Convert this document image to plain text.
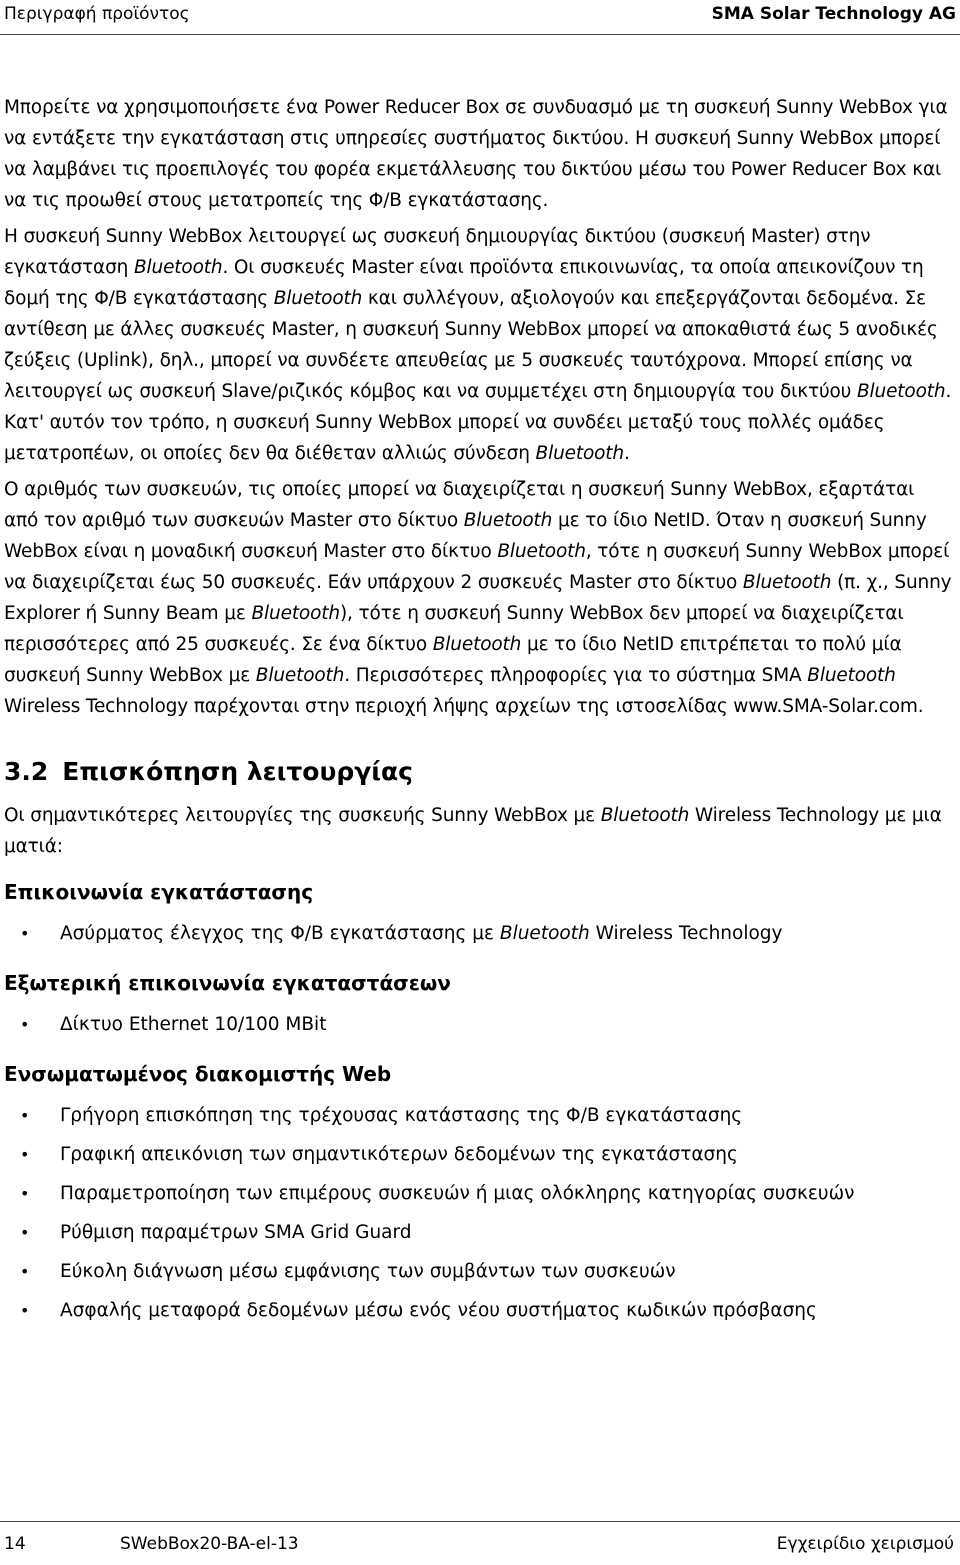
Περιγραφή προϊόντος	SMA Solar Technology AG

Μπορείτε να χρησιμοποιήσετε ένα Power Reducer Box σε συνδυασμό με τη συσκευή Sunny WebBox για να εντάξετε την εγκατάσταση στις υπηρεσίες συστήματος δικτύου. Η συσκευή Sunny WebBox μπορεί να λαμβάνει τις προεπιλογές του φορέα εκμετάλλευσης του δικτύου μέσω του Power Reducer Box και να τις προωθεί στους μετατροπείς της Φ/Β εγκατάστασης.

Η συσκευή Sunny WebBox λειτουργεί ως συσκευή δημιουργίας δικτύου (συσκευή Master) στην εγκατάσταση Bluetooth. Οι συσκευές Master είναι προϊόντα επικοινωνίας, τα οποία απεικονίζουν τη δομή της Φ/Β εγκατάστασης Bluetooth και συλλέγουν, αξιολογούν και επεξεργάζονται δεδομένα. Σε αντίθεση με άλλες συσκευές Master, η συσκευή Sunny WebBox μπορεί να αποκαθιστά έως 5 ανοδικές ζεύξεις (Uplink), δηλ., μπορεί να συνδέετε απευθείας με 5 συσκευές ταυτόχρονα. Μπορεί επίσης να λειτουργεί ως συσκευή Slave/ριζικός κόμβος και να συμμετέχει στη δημιουργία του δικτύου Bluetooth. Κατ' αυτόν τον τρόπο, η συσκευή Sunny WebBox μπορεί να συνδέει μεταξύ τους πολλές ομάδες μετατροπέων, οι οποίες δεν θα διέθεταν αλλιώς σύνδεση Bluetooth.

Ο αριθμός των συσκευών, τις οποίες μπορεί να διαχειρίζεται η συσκευή Sunny WebBox, εξαρτάται από τον αριθμό των συσκευών Master στο δίκτυο Bluetooth με το ίδιο NetID. Όταν η συσκευή Sunny WebBox είναι η μοναδική συσκευή Master στο δίκτυο Bluetooth, τότε η συσκευή Sunny WebBox μπορεί να διαχειρίζεται έως 50 συσκευές. Εάν υπάρχουν 2 συσκευές Master στο δίκτυο Bluetooth (π. χ., Sunny Explorer ή Sunny Beam με Bluetooth), τότε η συσκευή Sunny WebBox δεν μπορεί να διαχειρίζεται περισσότερες από 25 συσκευές. Σε ένα δίκτυο Bluetooth με το ίδιο NetID επιτρέπεται το πολύ μία συσκευή Sunny WebBox με Bluetooth. Περισσότερες πληροφορίες για το σύστημα SMA Bluetooth Wireless Technology παρέχονται στην περιοχή λήψης αρχείων της ιστοσελίδας www.SMA-Solar.com.

3.2 Επισκόπηση λειτουργίας

Οι σημαντικότερες λειτουργίες της συσκευής Sunny WebBox με Bluetooth Wireless Technology με μια ματιά:

Επικοινωνία εγκατάστασης
• Ασύρματος έλεγχος της Φ/Β εγκατάστασης με Bluetooth Wireless Technology
Εξωτερική επικοινωνία εγκαταστάσεων
• Δίκτυο Ethernet 10/100 MBit
Ενσωματωμένος διακομιστής Web
• Γρήγορη επισκόπηση της τρέχουσας κατάστασης της Φ/Β εγκατάστασης
• Γραφική απεικόνιση των σημαντικότερων δεδομένων της εγκατάστασης
• Παραμετροποίηση των επιμέρους συσκευών ή μιας ολόκληρης κατηγορίας συσκευών
• Ρύθμιση παραμέτρων SMA Grid Guard
• Εύκολη διάγνωση μέσω εμφάνισης των συμβάντων των συσκευών
• Ασφαλής μεταφορά δεδομένων μέσω ενός νέου συστήματος κωδικών πρόσβασης
14	SWebBox20-BA-el-13	Εγχειρίδιο χειρισμού
